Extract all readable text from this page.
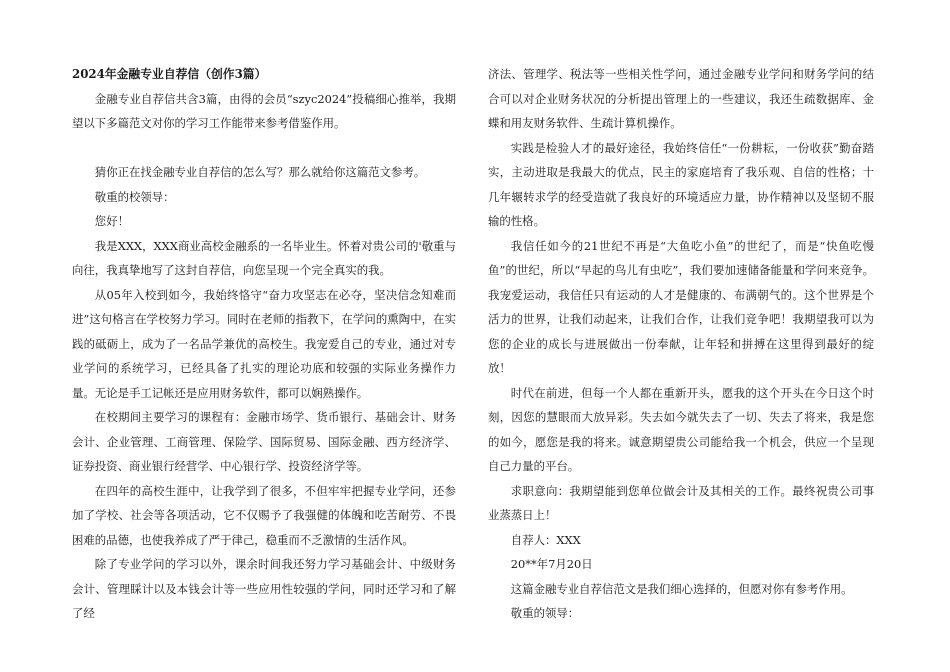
2024年金融专业自荐信（创作3篇）

金融专业自荐信共含3篇，由得的会员“szyc2024”投稿细心推举，我期望以下多篇范文对你的学习工作能带来参考借鉴作用。

猜你正在找金融专业自荐信的怎么写？那么就给你这篇范文参考。

敬重的校领导：

您好！

我是XXX，XXX商业高校金融系的一名毕业生。怀着对贵公司的'敬重与向往，我真挚地写了这封自荐信，向您呈现一个完全真实的我。

从05年入校到如今，我始终恪守“奋力攻坚志在必夺，坚决信念知难而进”这句格言在学校努力学习。同时在老师的指教下，在学问的熏陶中，在实践的砥砺上，成为了一名品学兼优的高校生。我宠爱自己的专业，通过对专业学问的系统学习，已经具备了扎实的理论功底和较强的实际业务操作力量。无论是手工记帐还是应用财务软件，都可以娴熟操作。

在校期间主要学习的课程有：金融市场学、货币银行、基础会计、财务会计、企业管理、工商管理、保险学、国际贸易、国际金融、西方经济学、证券投资、商业银行经营学、中心银行学、投资经济学等。

在四年的高校生涯中，让我学到了很多，不但牢牢把握专业学问，还参加了学校、社会等各项活动，它不仅赐予了我强健的体魄和吃苦耐劳、不畏困难的品德，也使我养成了严于律己，稳重而不乏激情的生活作风。

除了专业学问的学习以外，课余时间我还努力学习基础会计、中级财务会计、管理睬计以及本钱会计等一些应用性较强的学问，同时还学习和了解了经

济法、管理学、税法等一些相关性学问，通过金融专业学问和财务学问的结合可以对企业财务状况的分析提出管理上的一些建议，我还生疏数据库、金蝶和用友财务软件、生疏计算机操作。

实践是检验人才的最好途径，我始终信任“一份耕耘，一份收获”勤奋踏实，主动进取是我最大的优点，民主的家庭培育了我乐观、自信的性格；十几年辗转求学的经受造就了我良好的环境适应力量，协作精神以及坚韧不服输的性格。

我信任如今的21世纪不再是“大鱼吃小鱼”的世纪了，而是“快鱼吃慢鱼”的世纪，所以“早起的鸟儿有虫吃”，我们要加速储备能量和学问来竞争。我宠爱运动，我信任只有运动的人才是健康的、布满朝气的。这个世界是个活力的世界，让我们动起来，让我们合作，让我们竞争吧！我期望我可以为您的企业的成长与进展做出一份奉献，让年轻和拼搏在这里得到最好的绽放！

时代在前进，但每一个人都在重新开头，愿我的这个开头在今日这个时刻，因您的慧眼而大放异彩。失去如今就失去了一切、失去了将来，我是您的如今，愿您是我的将来。诚意期望贵公司能给我一个机会，供应一个呈现自己力量的平台。

求职意向：我期望能到您单位做会计及其相关的工作。最终祝贵公司事业蒸蒸日上！

自荐人：XXX

20**年7月20日

这篇金融专业自荐信范文是我们细心选择的，但愿对你有参考作用。

敬重的领导：
